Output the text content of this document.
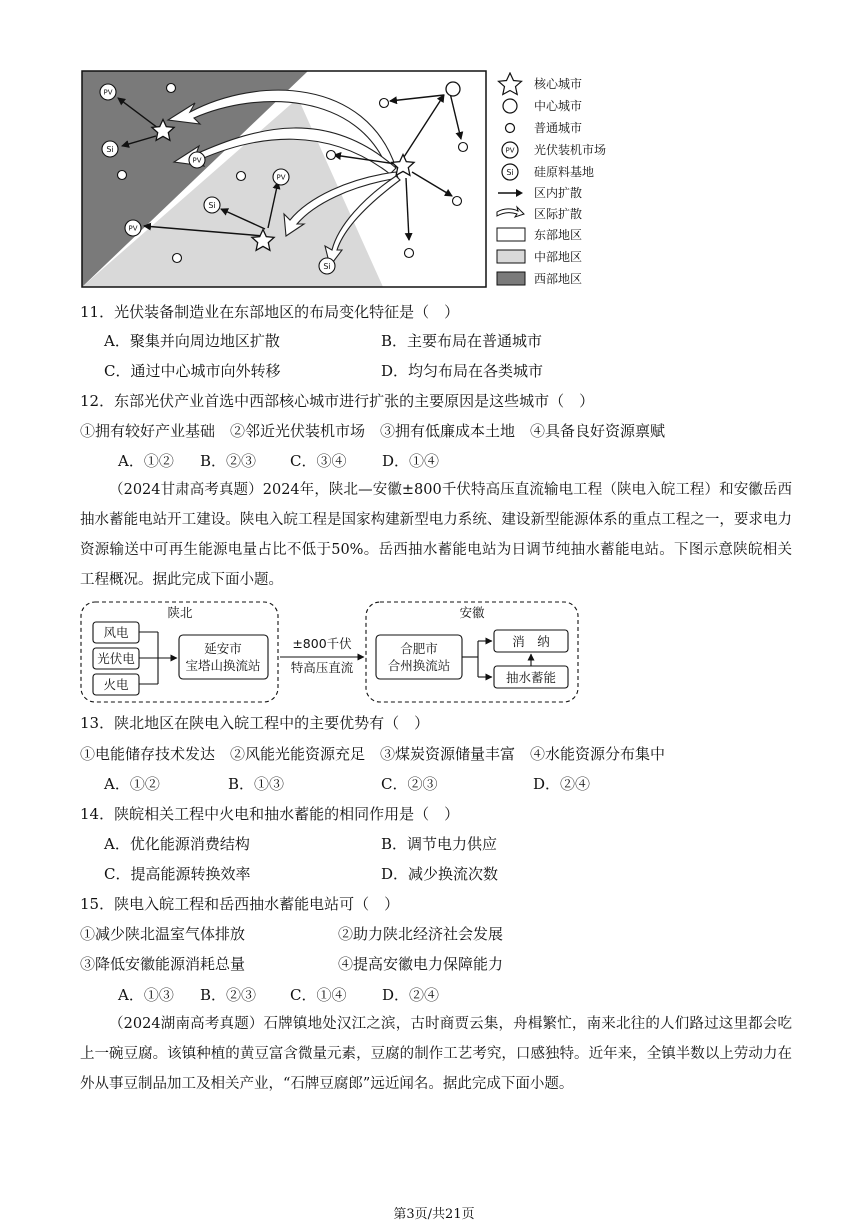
PV
PV
PV
PV
Si
Si
Si
PV
Si
核心城市
中心城市
普通城市
光伏装机市场
硅原料基地
区内扩散
区际扩散
东部地区
中部地区
西部地区
11．光伏装备制造业在东部地区的布局变化特征是（　）
A．聚集并向周边地区扩散	B．主要布局在普通城市
C．通过中心城市向外转移	D．均匀布局在各类城市
12．东部光伏产业首选中西部核心城市进行扩张的主要原因是这些城市（　）
①拥有较好产业基础　②邻近光伏装机市场　③拥有低廉成本土地　④具备良好资源禀赋
A．①② B．②③ C．③④ D．①④

（2024甘肃高考真题）2024年，陕北—安徽±800千伏特高压直流输电工程（陕电入皖工程）和安徽岳西抽水蓄能电站开工建设。陕电入皖工程是国家构建新型电力系统、建设新型能源体系的重点工程之一，要求电力资源输送中可再生能源电量占比不低于50%。岳西抽水蓄能电站为日调节纯抽水蓄能电站。下图示意陕皖相关工程概况。据此完成下面小题。

陕北
风电
光伏电
火电
延安市
宝塔山换流站
±800千伏
特高压直流
安徽
合肥市
合州换流站
消　纳
抽水蓄能
13．陕北地区在陕电入皖工程中的主要优势有（　）
①电能储存技术发达　②风能光能资源充足　③煤炭资源储量丰富　④水能资源分布集中
A．①②	B．①③	C．②③	D．②④
14．陕皖相关工程中火电和抽水蓄能的相同作用是（　）
A．优化能源消费结构	B．调节电力供应
C．提高能源转换效率	D．减少换流次数
15．陕电入皖工程和岳西抽水蓄能电站可（　）
①减少陕北温室气体排放	②助力陕北经济社会发展
③降低安徽能源消耗总量	④提高安徽电力保障能力
A．①③ B．②③ C．①④ D．②④

（2024湖南高考真题）石牌镇地处汉江之滨，古时商贾云集，舟楫繁忙，南来北往的人们路过这里都会吃上一碗豆腐。该镇种植的黄豆富含微量元素，豆腐的制作工艺考究，口感独特。近年来，全镇半数以上劳动力在外从事豆制品加工及相关产业，“石牌豆腐郎”远近闻名。据此完成下面小题。

第3页/共21页
